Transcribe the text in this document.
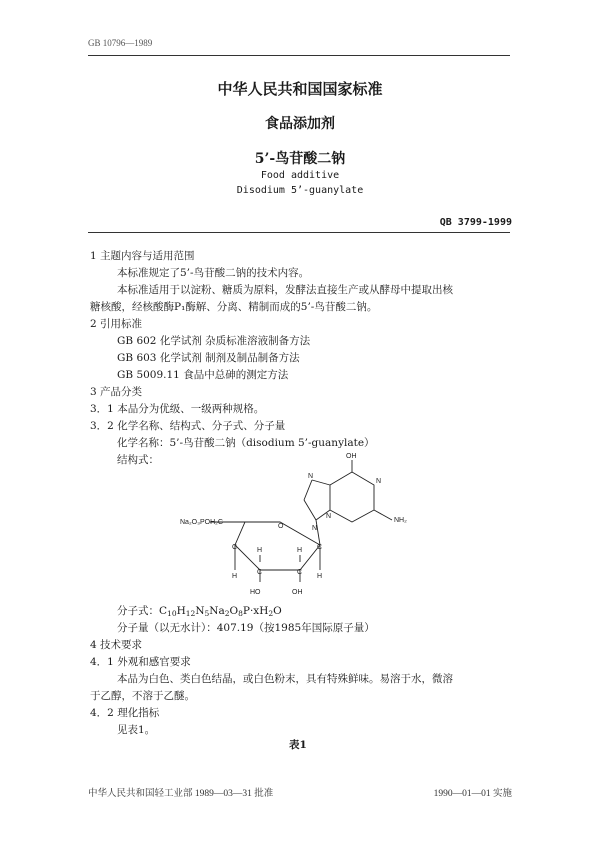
GB 10796—1989
中华人民共和国国家标准
食品添加剂
5’-鸟苷酸二钠
Food additive
Disodium 5’-guanylate
QB 3799-1999
1 主题内容与适用范围
本标准规定了5’-鸟苷酸二钠的技术内容。
本标准适用于以淀粉、糖质为原料，发酵法直接生产或从酵母中提取出核
糖核酸，经核酸酶P₁酶解、分离、精制而成的5’-鸟苷酸二钠。
2 引用标准
GB 602 化学试剂 杂质标准溶液制备方法
GB 603 化学试剂 制剂及制品制备方法
GB 5009.11 食品中总砷的测定方法
3 产品分类
3．1 本品分为优级、一级两种规格。
3．2 化学名称、结构式、分子式、分子量
化学名称：5’-鸟苷酸二钠（disodium 5’-guanylate）
结构式：	OH
N
N
N
N
NH₂
Na₂O₃POH₂C
O
C
C	C
C
H
H	H
H
HO	OH
分子式：$C_{10}H_{12}N_5Na_2O_8P\cdot xH_2O$
分子量（以无水计）：407.19（按1985年国际原子量）
4 技术要求
4．1 外观和感官要求
本品为白色、类白色结晶，或白色粉末，具有特殊鲜味。易溶于水，微溶
于乙醇，不溶于乙醚。
4．2 理化指标
见表1。
表1
中华人民共和国轻工业部 1989—03—31 批准	1990—01—01 实施
